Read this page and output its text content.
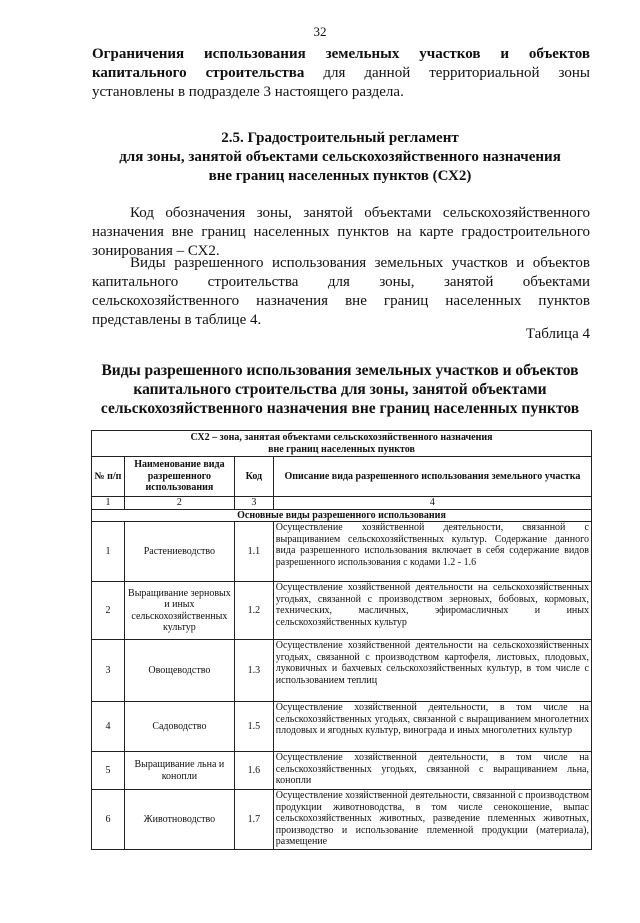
32
Ограничения использования земельных участков и объектов
капитального строительства для данной территориальной зоны
установлены в подразделе 3 настоящего раздела.
2.5. Градостроительный регламент
для зоны, занятой объектами сельскохозяйственного назначения
вне границ населенных пунктов (СХ2)
Код обозначения зоны, занятой объектами сельскохозяйственного
назначения вне границ населенных пунктов на карте градостроительного
зонирования – СХ2.
Виды разрешенного использования земельных участков и объектов
капитального строительства для зоны, занятой объектами
сельскохозяйственного назначения вне границ населенных пунктов
представлены в таблице 4.
Таблица 4
Виды разрешенного использования земельных участков и объектов
капитального строительства для зоны, занятой объектами
сельскохозяйственного назначения вне границ населенных пунктов
СХ2 – зона, занятая объектами сельскохозяйственного назначения
вне границ населенных пунктов			

№ п/п	Наименование вида разрешенного использования	Код	Описание вида разрешенного использования земельного участка
1	2	3	4
Основные виды разрешенного использования			
1	Растениеводство	1.1	Осуществление хозяйственной деятельности, связанной с выращиванием сельскохозяйственных культур. Содержание данного вида разрешенного использования включает в себя содержание видов разрешенного использования с кодами 1.2 - 1.6
2	Выращивание зерновых и иных сельскохозяйственных культур	1.2	Осуществление хозяйственной деятельности на сельскохозяйственных угодьях, связанной с производством зерновых, бобовых, кормовых, технических, масличных, эфиромасличных и иных сельскохозяйственных культур
3	Овощеводство	1.3	Осуществление хозяйственной деятельности на сельскохозяйственных угодьях, связанной с производством картофеля, листовых, плодовых, луковичных и бахчевых сельскохозяйственных культур, в том числе с использованием теплиц
4	Садоводство	1.5	Осуществление хозяйственной деятельности, в том числе на сельскохозяйственных угодьях, связанной с выращиванием многолетних плодовых и ягодных культур, винограда и иных многолетних культур
5	Выращивание льна и конопли	1.6	Осуществление хозяйственной деятельности, в том числе на сельскохозяйственных угодьях, связанной с выращиванием льна, конопли
6	Животноводство	1.7	Осуществление хозяйственной деятельности, связанной с производством продукции животноводства, в том числе сенокошение, выпас сельскохозяйственных животных, разведение племенных животных, производство и использование племенной продукции (материала), размещение
